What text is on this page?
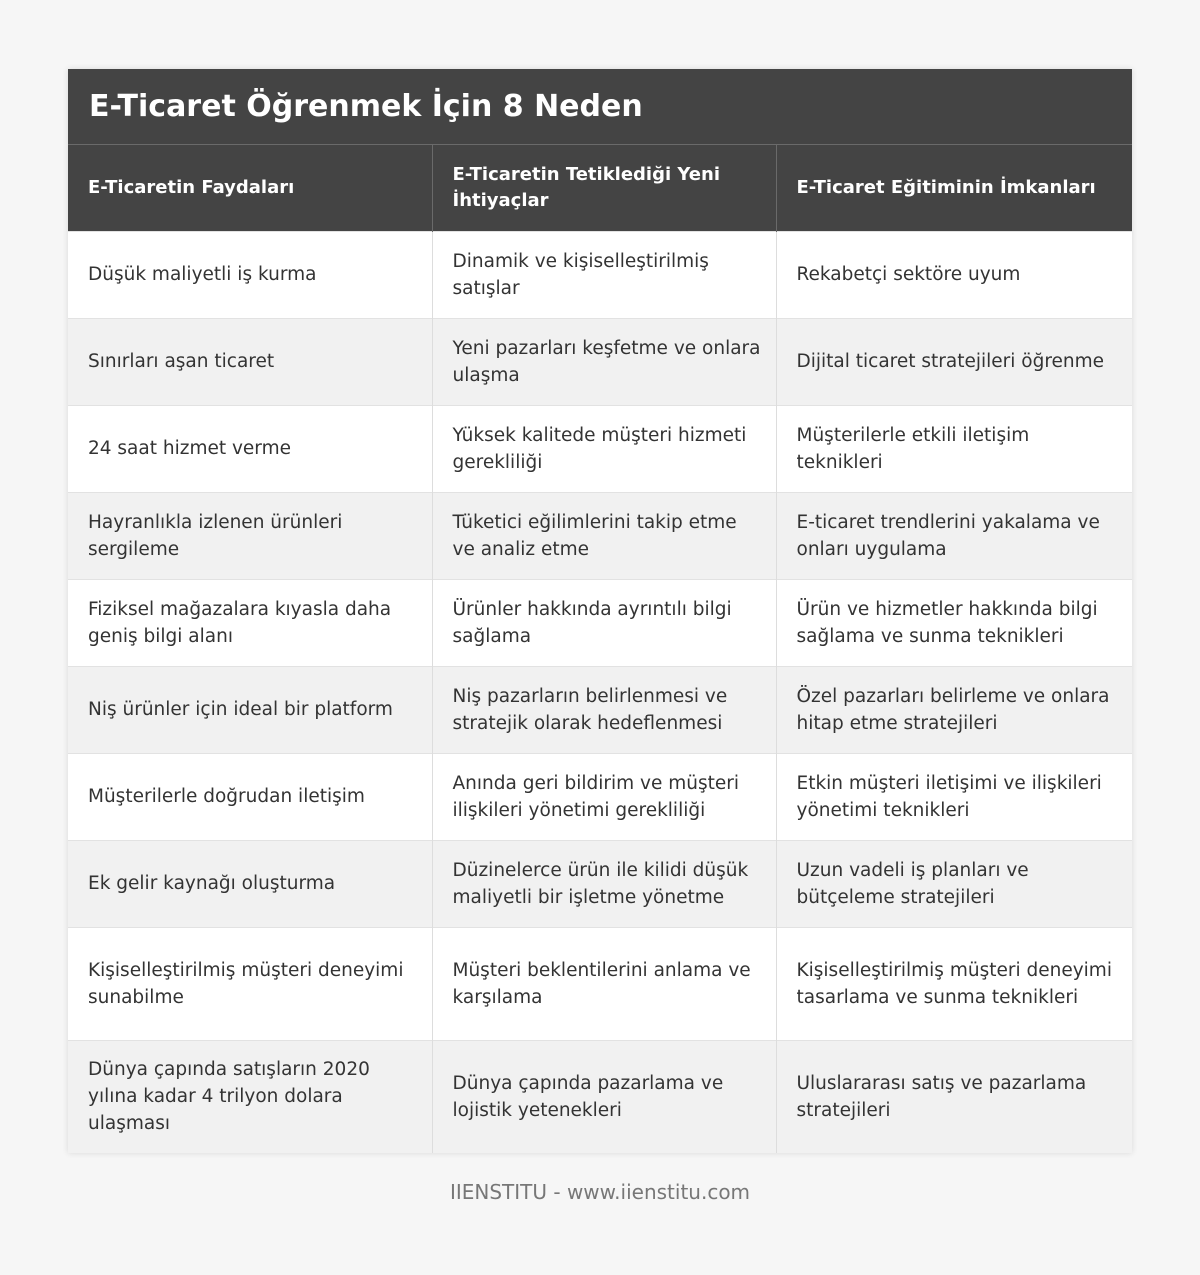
E-Ticaret Öğrenmek İçin 8 Neden
E-Ticaretin Faydaları	E-Ticaretin Tetiklediği Yeni İhtiyaçlar	E-Ticaret Eğitiminin İmkanları
Düşük maliyetli iş kurma	Dinamik ve kişiselleştirilmiş satışlar	Rekabetçi sektöre uyum
Sınırları aşan ticaret	Yeni pazarları keşfetme ve onlara ulaşma	Dijital ticaret stratejileri öğrenme
24 saat hizmet verme	Yüksek kalitede müşteri hizmeti gerekliliği	Müşterilerle etkili iletişim teknikleri
Hayranlıkla izlenen ürünleri sergileme	Tüketici eğilimlerini takip etme ve analiz etme	E-ticaret trendlerini yakalama ve onları uygulama
Fiziksel mağazalara kıyasla daha geniş bilgi alanı	Ürünler hakkında ayrıntılı bilgi sağlama	Ürün ve hizmetler hakkında bilgi sağlama ve sunma teknikleri
Niş ürünler için ideal bir platform	Niş pazarların belirlenmesi ve stratejik olarak hedeflenmesi	Özel pazarları belirleme ve onlara hitap etme stratejileri
Müşterilerle doğrudan iletişim	Anında geri bildirim ve müşteri ilişkileri yönetimi gerekliliği	Etkin müşteri iletişimi ve ilişkileri yönetimi teknikleri
Ek gelir kaynağı oluşturma	Düzinelerce ürün ile kilidi düşük maliyetli bir işletme yönetme	Uzun vadeli iş planları ve bütçeleme stratejileri
Kişiselleştirilmiş müşteri deneyimi sunabilme	Müşteri beklentilerini anlama ve karşılama	Kişiselleştirilmiş müşteri deneyimi tasarlama ve sunma teknikleri
Dünya çapında satışların 2020 yılına kadar 4 trilyon dolara ulaşması	Dünya çapında pazarlama ve lojistik yetenekleri	Uluslararası satış ve pazarlama stratejileri
IIENSTITU - www.iienstitu.com
